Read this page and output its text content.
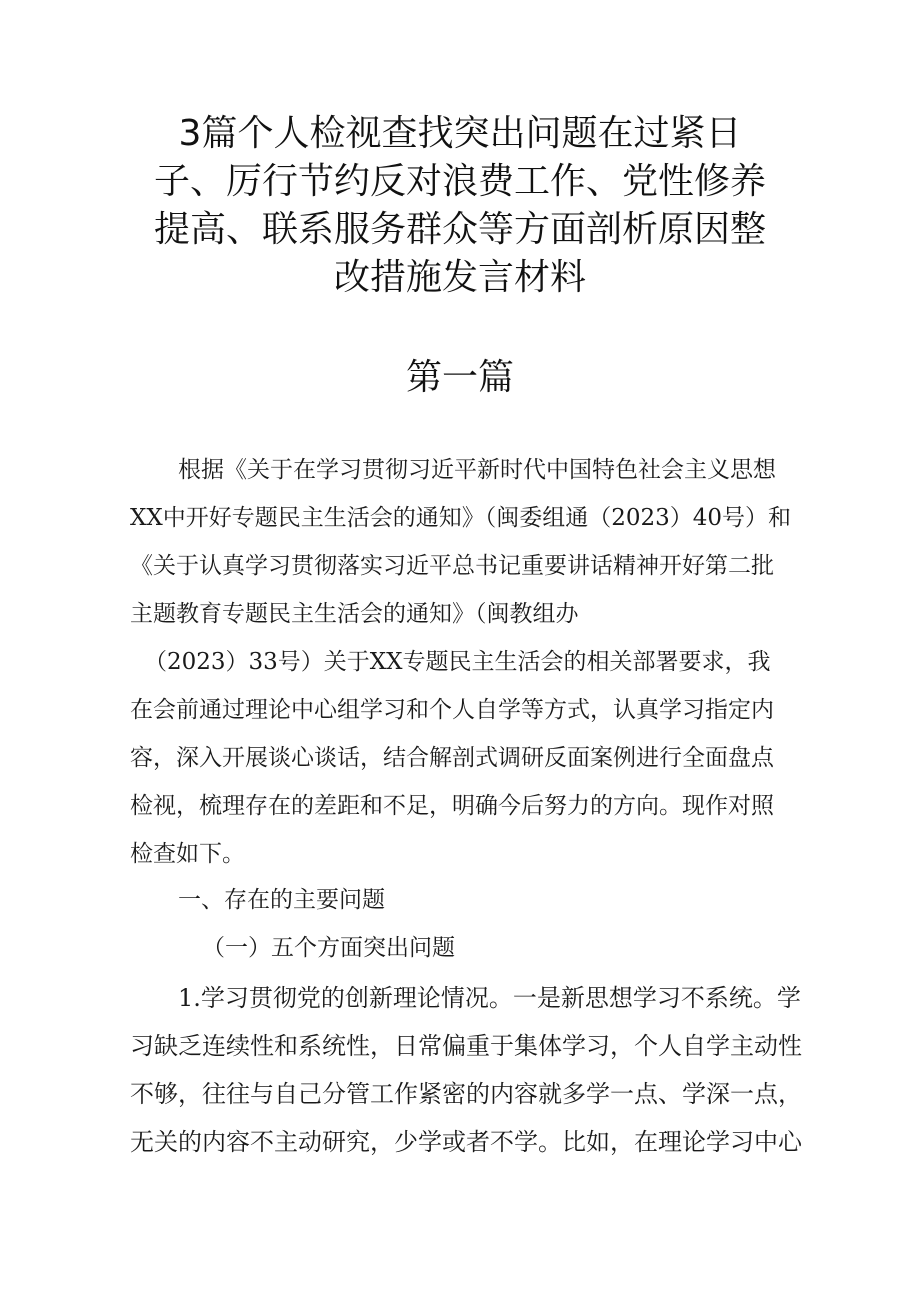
3篇个人检视查找突出问题在过紧日
子、厉行节约反对浪费工作、党性修养
提高、联系服务群众等方面剖析原因整
改措施发言材料
第一篇
根据《关于在学习贯彻习近平新时代中国特色社会主义思想
XX中开好专题民主生活会的通知》（闽委组通（2023）40号）和
《关于认真学习贯彻落实习近平总书记重要讲话精神开好第二批
主题教育专题民主生活会的通知》（闽教组办
（2023）33号）关于XX专题民主生活会的相关部署要求，我
在会前通过理论中心组学习和个人自学等方式，认真学习指定内
容，深入开展谈心谈话，结合解剖式调研反面案例进行全面盘点
检视，梳理存在的差距和不足，明确今后努力的方向。现作对照
检查如下。
一、存在的主要问题
（一）五个方面突出问题
1.学习贯彻党的创新理论情况。一是新思想学习不系统。学
习缺乏连续性和系统性，日常偏重于集体学习，个人自学主动性
不够，往往与自己分管工作紧密的内容就多学一点、学深一点，
无关的内容不主动研究，少学或者不学。比如，在理论学习中心
